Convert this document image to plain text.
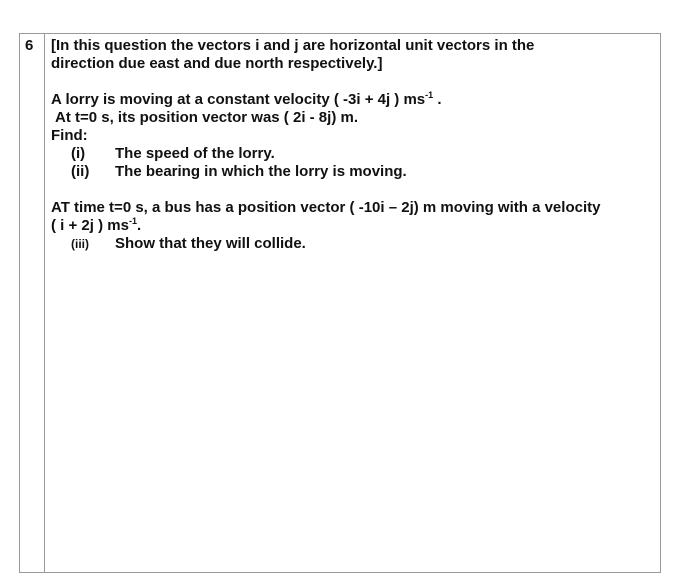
6 [In this question the vectors i and j are horizontal unit vectors in the
direction due east and due north respectively.]
A lorry is moving at a constant velocity ( -3i + 4j ) $ms^{-1}$ .
At t=0 s, its position vector was ( 2i - 8j) m.
Find:
(i)	The speed of the lorry.
(ii)	The bearing in which the lorry is moving.
AT time t=0 s, a bus has a position vector ( -10i – 2j) m moving with a velocity
( i + 2j ) $ms^{-1}$.
(iii)	Show that they will collide.
